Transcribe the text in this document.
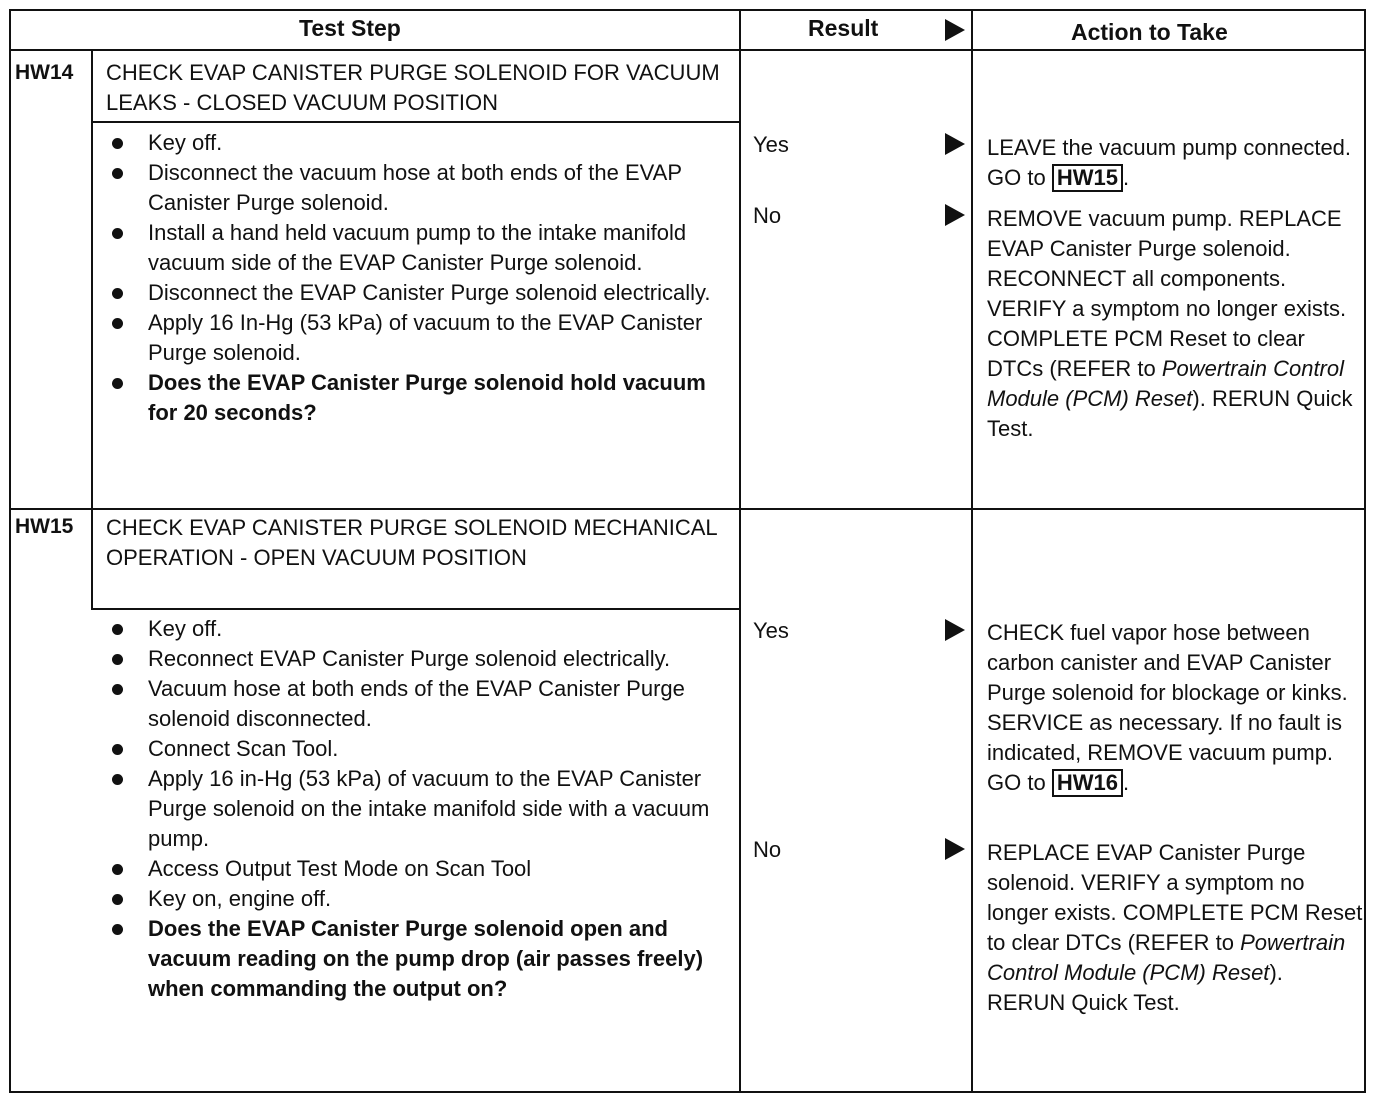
Test Step	Result	Action to Take
HW14 CHECK EVAP CANISTER PURGE SOLENOID FOR VACUUM LEAKS - CLOSED VACUUM POSITION
Key off.
Disconnect the vacuum hose at both ends of the EVAP Canister Purge solenoid.
Install a hand held vacuum pump to the intake manifold vacuum side of the EVAP Canister Purge solenoid.
Disconnect the EVAP Canister Purge solenoid electrically.
Apply 16 In-Hg (53 kPa) of vacuum to the EVAP Canister Purge solenoid.
Does the EVAP Canister Purge solenoid hold vacuum for 20 seconds?
Yes	LEAVE the vacuum pump connected. GO to HW15 .
No	REMOVE vacuum pump. REPLACE EVAP Canister Purge solenoid. RECONNECT all components. VERIFY a symptom no longer exists. COMPLETE PCM Reset to clear DTCs (REFER to Powertrain Control Module (PCM) Reset). RERUN Quick Test.
HW15 CHECK EVAP CANISTER PURGE SOLENOID MECHANICAL OPERATION - OPEN VACUUM POSITION
Key off.
Reconnect EVAP Canister Purge solenoid electrically.
Vacuum hose at both ends of the EVAP Canister Purge solenoid disconnected.
Connect Scan Tool.
Apply 16 in-Hg (53 kPa) of vacuum to the EVAP Canister Purge solenoid on the intake manifold side with a vacuum pump.
Access Output Test Mode on Scan Tool
Key on, engine off.
Does the EVAP Canister Purge solenoid open and vacuum reading on the pump drop (air passes freely) when commanding the output on?
Yes	CHECK fuel vapor hose between carbon canister and EVAP Canister Purge solenoid for blockage or kinks. SERVICE as necessary. If no fault is indicated, REMOVE vacuum pump. GO to HW16 .
No	REPLACE EVAP Canister Purge solenoid. VERIFY a symptom no longer exists. COMPLETE PCM Reset to clear DTCs (REFER to Powertrain Control Module (PCM) Reset). RERUN Quick Test.
